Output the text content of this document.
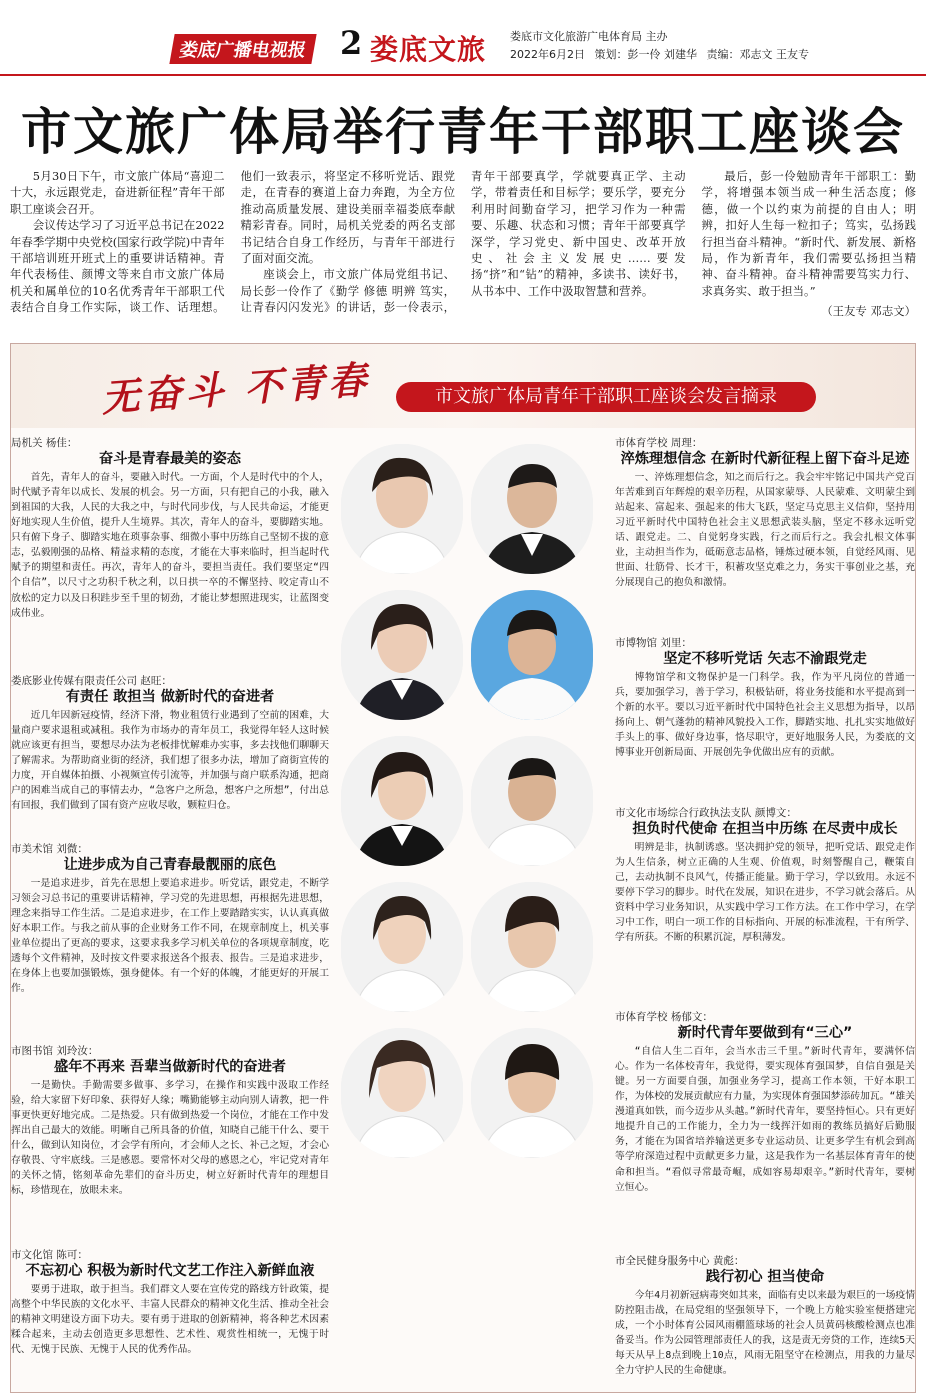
娄底广播电视报 2 娄底文旅 娄底市文化旅游广电体育局 主办
2022年6月2日 策划：彭一伶 刘建华 责编：邓志文 王友专
市文旅广体局举行青年干部职工座谈会

5月30日下午，市文旅广体局“喜迎二十大，永远跟党走，奋进新征程”青年干部职工座谈会召开。

会议传达学习了习近平总书记在2022年春季学期中央党校(国家行政学院)中青年干部培训班开班式上的重要讲话精神。青年代表杨佳、颜博文等来自市文旅广体局机关和属单位的10名优秀青年干部职工代表结合自身工作实际，谈工作、话理想。他们一致表示，将坚定不移听党话、跟党走，在青春的赛道上奋力奔跑，为全方位推动高质量发展、建设美丽幸福娄底奉献精彩青春。同时，局机关党委的两名支部书记结合自身工作经历，与青年干部进行了面对面交流。

座谈会上，市文旅广体局党组书记、局长彭一伶作了《勤学 修德 明辨 笃实，让青春闪闪发光》的讲话，彭一伶表示，青年干部要真学，学就要真正学、主动学，带着责任和目标学；要乐学，要充分利用时间勤奋学习，把学习作为一种需要、乐趣、状态和习惯；青年干部要真学深学，学习党史、新中国史、改革开放史、社会主义发展史……要发扬“挤”和“钻”的精神，多读书、读好书，从书本中、工作中汲取智慧和营养。

最后，彭一伶勉励青年干部职工：勤学，将增强本领当成一种生活态度；修德，做一个以约束为前提的自由人；明辨，扣好人生每一粒扣子；笃实，弘扬践行担当奋斗精神。“新时代、新发展、新格局，作为新青年，我们需要弘扬担当精神、奋斗精神。奋斗精神需要笃实力行、求真务实、敢于担当。”

（王友专 邓志文）

无奋斗 不青春	市文旅广体局青年干部职工座谈会发言摘录
局机关 杨佳：
奋斗是青春最美的姿态
首先，青年人的奋斗，要融入时代。一方面，个人是时代中的个人，时代赋予青年以成长、发展的机会。另一方面，只有把自己的小我，融入到祖国的大我，人民的大我之中，与时代同步伐，与人民共命运，才能更好地实现人生价值，提升人生境界。其次，青年人的奋斗，要脚踏实地。只有俯下身子、脚踏实地在琐事杂事、细微小事中历练自己坚韧不拔的意志，弘毅刚强的品格、精益求精的态度，才能在大事来临时，担当起时代赋予的期望和责任。再次，青年人的奋斗，要担当责任。我们要坚定“四个自信”，以尺寸之功积千秋之利，以日拱一卒的不懈坚持、咬定青山不放松的定力以及日积跬步至千里的韧劲，才能让梦想照进现实，让蓝图变成伟业。
娄底影业传媒有限责任公司 赵旺：
有责任 敢担当 做新时代的奋进者
近几年因新冠疫情，经济下滑，物业租赁行业遇到了空前的困难，大量商户要求退租或减租。我作为市场办的青年员工，我觉得年轻人这时候就应该更有担当，要想尽办法为老板排忧解难办实事，多去找他们聊聊天了解需求。为帮助商业街的经济，我们想了很多办法，增加了商街宣传的力度，开自媒体拍摄、小视频宣传引流等，并加强与商户联系沟通，把商户的困难当成自己的事情去办，“急客户之所急，想客户之所想”，付出总有回报，我们做到了国有资产应收尽收，颗粒归仓。
市美术馆 刘微：
让进步成为自己青春最靓丽的底色
一是追求进步，首先在思想上要追求进步。听党话，跟党走，不断学习领会习总书记的重要讲话精神，学习党的先进思想，再根据先进思想，理念来指导工作生活。二是追求进步，在工作上要踏踏实实，认认真真做好本职工作。与我之前从事的企业财务工作不同，在规章制度上，机关事业单位提出了更高的要求，这要求我多学习机关单位的各项规章制度，吃透每个文件精神，及时按文件要求报送各个报表、报告。三是追求进步，在身体上也要加强锻炼，强身健体。有一个好的体魄，才能更好的开展工作。
市图书馆 刘玲汝：
盛年不再来 吾辈当做新时代的奋进者
一是勤快。手勤需要多做事、多学习，在操作和实践中汲取工作经验，给大家留下好印象、获得好人缘；嘴勤能够主动向别人请教，把一件事更快更好地完成。二是热爱。只有做到热爱一个岗位，才能在工作中发挥出自己最大的效能。明晰自己所具备的价值，知晓自己能干什么、要干什么，做到认知岗位，才会学有所向，才会师人之长、补己之短，才会心存敬畏、守牢底线。三是感恩。要常怀对父母的感恩之心，牢记党对青年的关怀之情，铭刻革命先辈们的奋斗历史，树立好新时代青年的理想目标，珍惜现在，放眼未来。
市文化馆 陈可：
不忘初心 积极为新时代文艺工作注入新鲜血液
要勇于进取，敢于担当。我们群文人要在宣传党的路线方针政策，提高整个中华民族的文化水平、丰富人民群众的精神文化生活、推动全社会的精神文明建设方面下功夫。要有勇于进取的创新精神，将各种艺术因素糅合起来，主动去创造更多思想性、艺术性、观赏性相统一，无愧于时代、无愧于民族、无愧于人民的优秀作品。
市体育学校 周理：
淬炼理想信念 在新时代新征程上留下奋斗足迹
一、淬炼理想信念，知之而后行之。我会牢牢铭记中国共产党百年苦难到百年辉煌的艰辛历程，从国家蒙辱、人民蒙难、文明蒙尘到站起来、富起来、强起来的伟大飞跃，坚定马克思主义信仰，坚持用习近平新时代中国特色社会主义思想武装头脑，坚定不移永远听党话、跟党走。二、自觉躬身实践，行之而后行之。我会扎根文体事业，主动担当作为，砥砺意志品格，锤炼过硬本领，自觉经风雨、见世面、壮筋骨、长才干，积蓄攻坚克难之力，务实干事创业之基，充分展现自己的抱负和激情。
市博物馆 刘里：
坚定不移听党话 矢志不渝跟党走
博物馆学和文物保护是一门科学。我，作为平凡岗位的普通一兵，要加强学习，善于学习，积极钻研，将业务技能和水平提高到一个新的水平。要以习近平新时代中国特色社会主义思想为指导，以昂扬向上、朝气蓬勃的精神风貌投入工作，脚踏实地、扎扎实实地做好手头上的事、做好身边事，恪尽职守，更好地服务人民，为娄底的文博事业开创新局面、开展创先争优做出应有的贡献。
市文化市场综合行政执法支队 颜博文：
担负时代使命 在担当中历练 在尽责中成长
明辨是非，执制诱惑。坚决拥护党的领导，把听党话、跟党走作为人生信条，树立正确的人生观、价值观，时刻警醒自己，鞭策自己，去动执制不良风气，传播正能量。勤于学习，学以致用。永远不要停下学习的脚步。时代在发展，知识在进步，不学习就会落后。从资料中学习业务知识，从实践中学习工作方法。在工作中学习，在学习中工作，明白一项工作的目标指向、开展的标准流程，干有所学、学有所获。不断的积累沉淀，厚积薄发。
市体育学校 杨郁文：
新时代青年要做到有“三心”
“自信人生二百年，会当水击三千里。”新时代青年，要满怀信心。作为一名体校青年，我觉得，要实现体育强国梦，自信自强是关键。另一方面要自强，加强业务学习，提高工作本领，干好本职工作，为体校的发展贡献应有力量，为实现体育强国梦添砖加瓦。“雄关漫道真如铁，而今迈步从头越。”新时代青年，要坚持恒心。只有更好地提升自己的工作能力，全力为一线挥汗如雨的教练员搞好后勤服务，才能在为国省培养输送更多专业运动员、让更多学生有机会到高等学府深造过程中贡献更多力量，这是我作为一名基层体育青年的使命和担当。“看似寻常最奇崛，成如容易却艰辛。”新时代青年，要树立恒心。
市全民健身服务中心 黄彪：
践行初心 担当使命
今年4月初新冠病毒突如其来，面临有史以来最为艰巨的一场疫情防控阻击战，在局党组的坚强领导下，一个晚上方舱实验室便搭建完成，一个小时体育公园风雨棚篮球场的社会人员黄码核酸检测点也准备妥当。作为公园管理部责任人的我，这是责无旁贷的工作，连续5天每天从早上8点到晚上10点，风雨无阻坚守在检测点，用我的力量尽全力守护人民的生命健康。
